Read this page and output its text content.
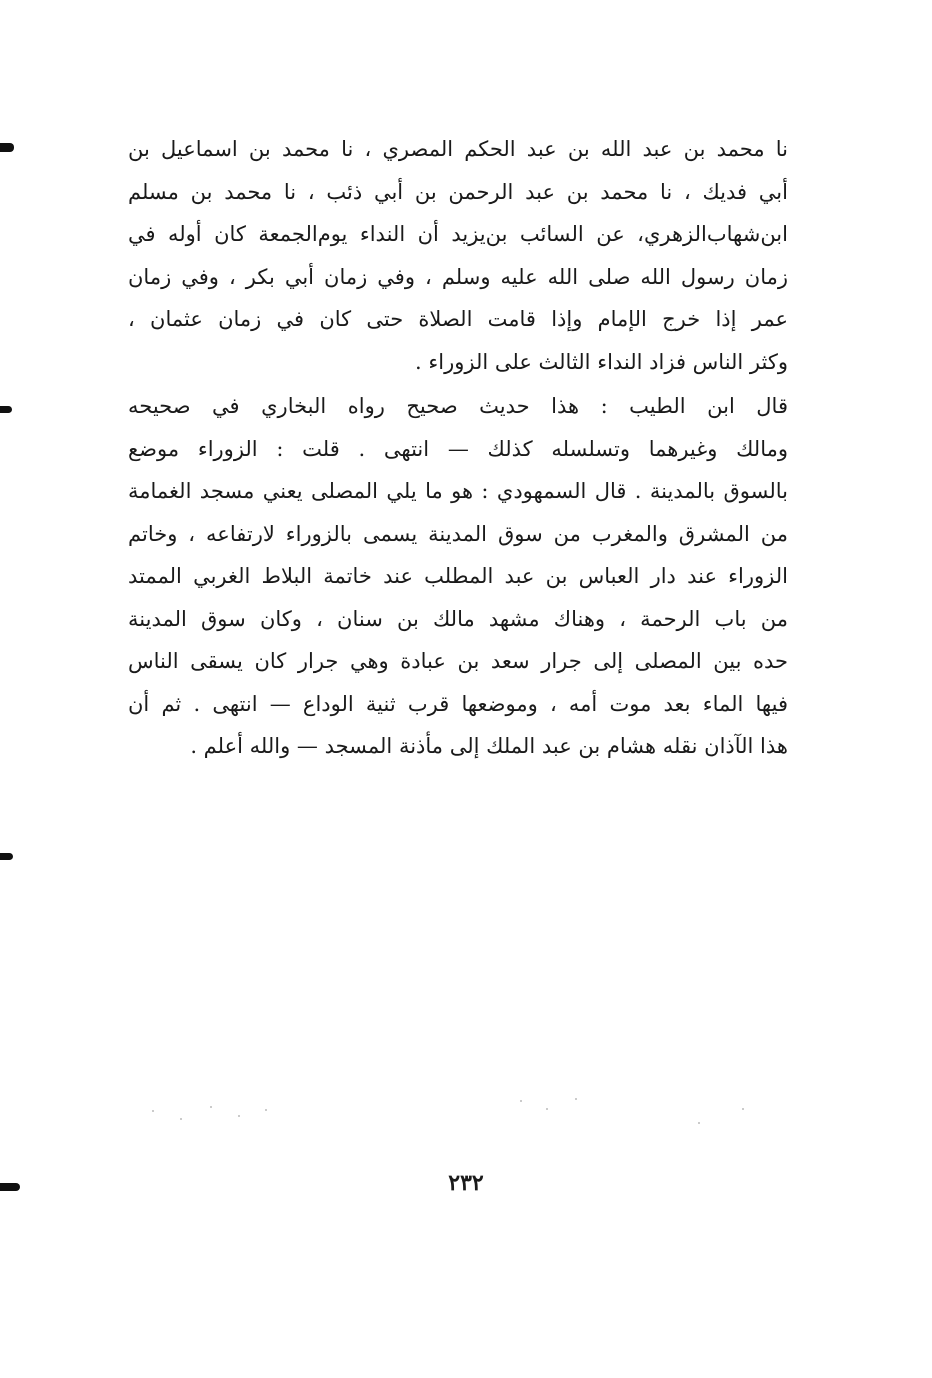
نا محمد بن عبد الله بن عبد الحكم المصري ، نا محمد بن اسماعيل بن
أبي فديك ، نا محمد بن عبد الرحمن بن أبي ذئب ، نا محمد بن مسلم
ابن‌شهاب‌الزهري، عن السائب بن‌يزيد أن النداء يوم‌الجمعة كان أوله في
زمان رسول الله صلى الله عليه وسلم ، وفي زمان أبي بكر ، وفي زمان
عمر إذا خرج الإمام وإذا قامت الصلاة حتى كان في زمان عثمان ،
وكثر الناس فزاد النداء الثالث على الزوراء .
قال ابن الطيب : هذا حديث صحيح رواه البخاري في صحيحه
ومالك وغيرهما وتسلسله كذلك — انتهى . قلت : الزوراء موضع
بالسوق بالمدينة . قال السمهودي : هو ما يلي المصلى يعني مسجد الغمامة
من المشرق والمغرب من سوق المدينة يسمى بالزوراء لارتفاعه ، وخاتم
الزوراء عند دار العباس بن عبد المطلب عند خاتمة البلاط الغربي الممتد
من باب الرحمة ، وهناك مشهد مالك بن سنان ، وكان سوق المدينة
حده بين المصلى إلى جرار سعد بن عبادة وهي جرار كان يسقى الناس
فيها الماء بعد موت أمه ، وموضعها قرب ثنية الوداع — انتهى . ثم أن
هذا الآذان نقله هشام بن عبد الملك إلى مأذنة المسجد — والله أعلم .
٢٣٢
